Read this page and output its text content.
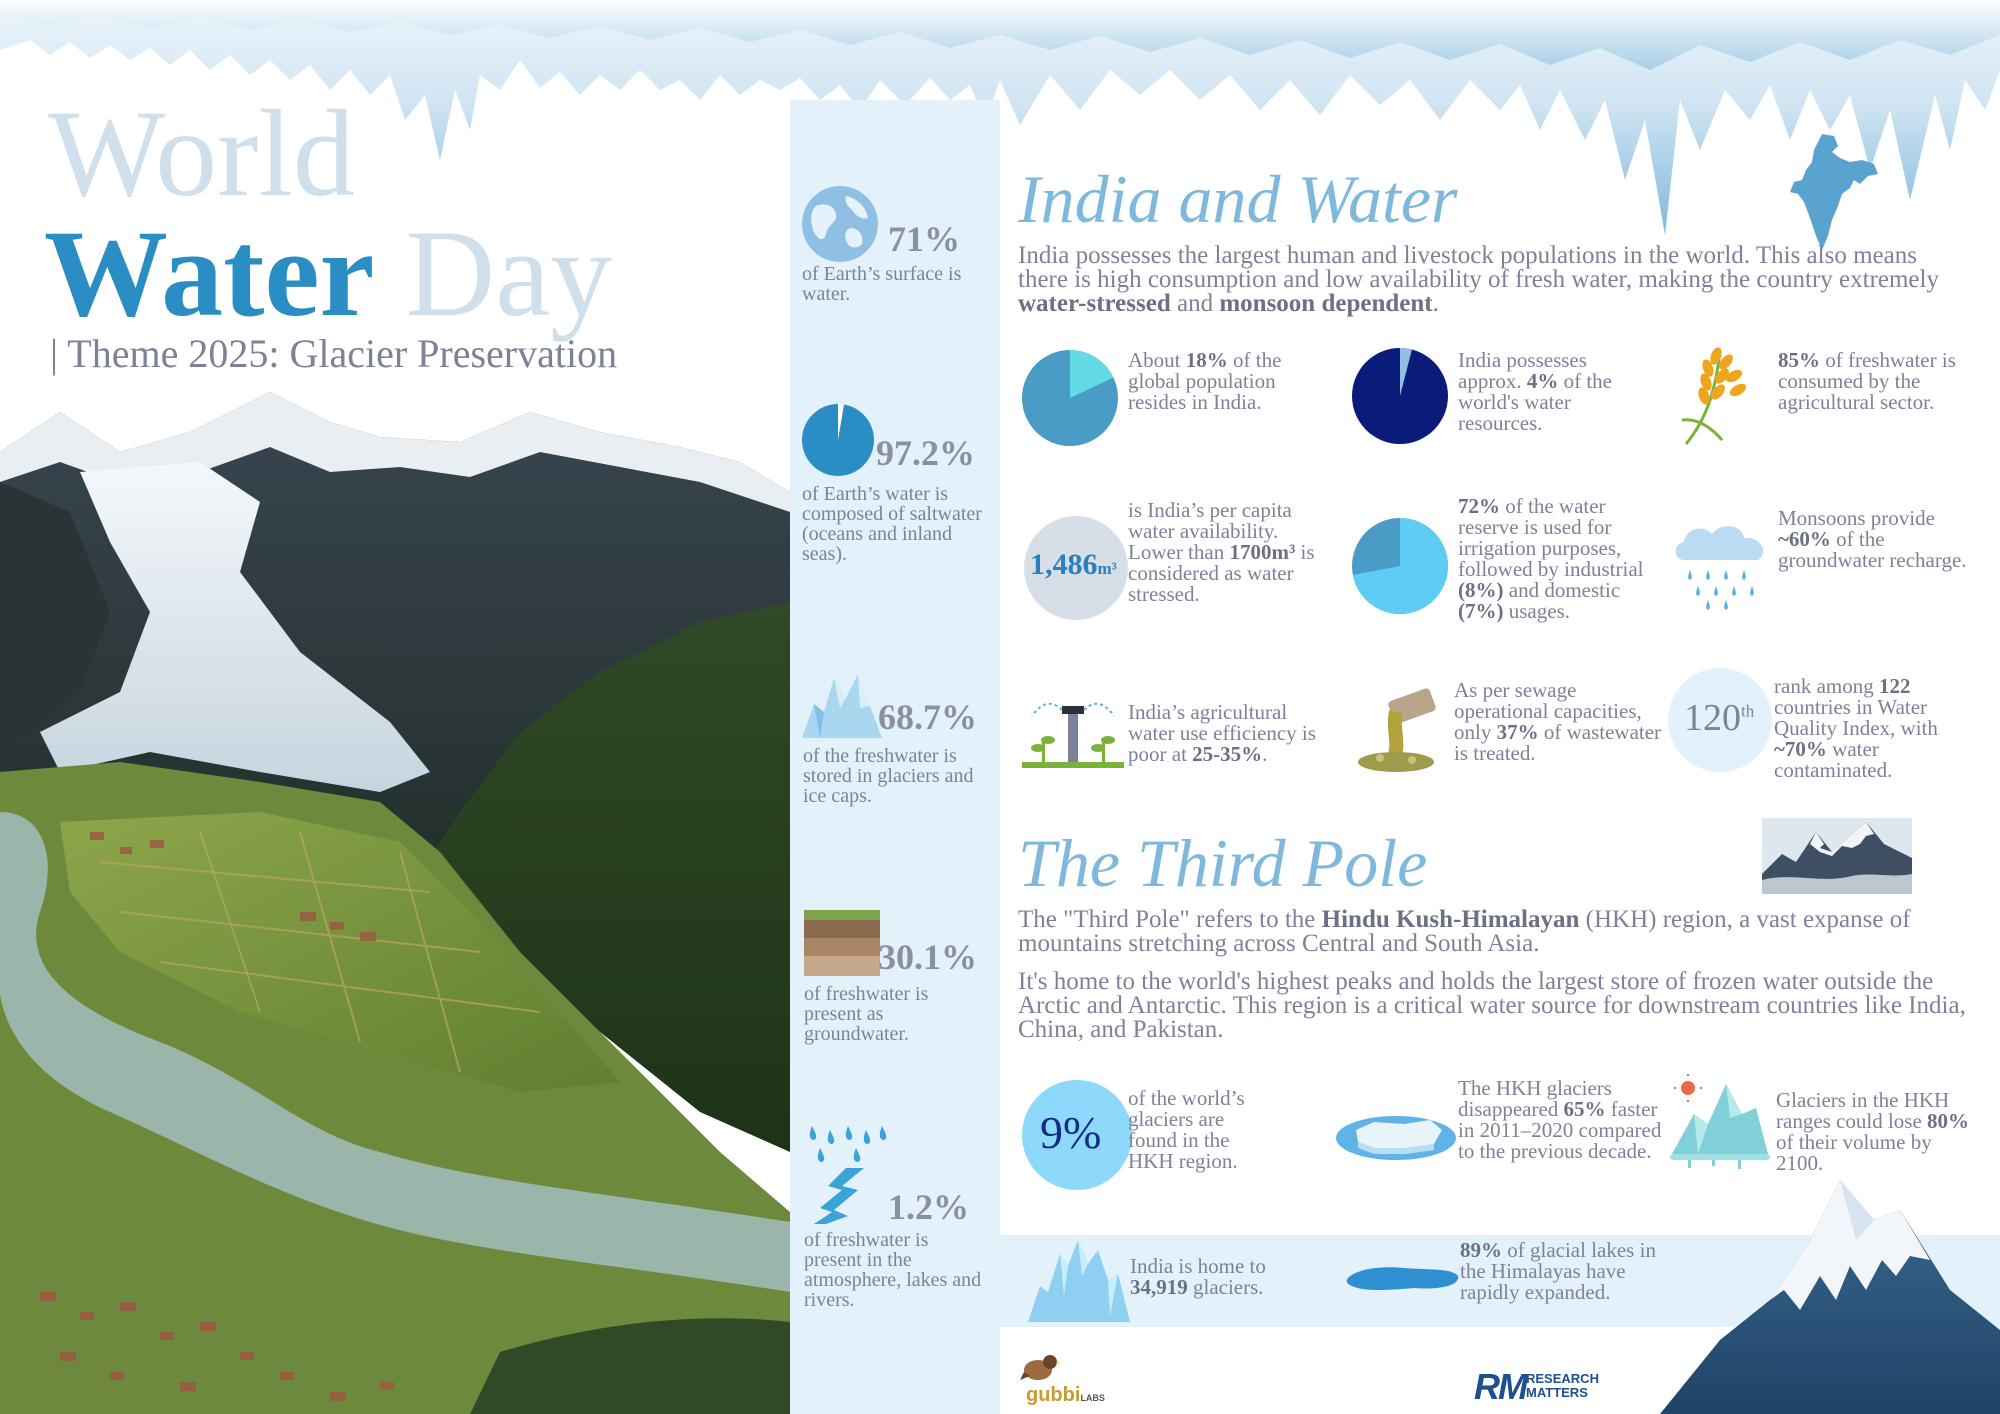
World
Water Day
| Theme 2025: Glacier Preservation
71%
of Earth’s surface is water.
97.2%
of Earth’s water is composed of saltwater (oceans and inland seas).
68.7%
of the freshwater is stored in glaciers and ice caps.
30.1%
of freshwater is present as groundwater.
1.2%
of freshwater is present in the atmosphere, lakes and rivers.
India and Water
India possesses the largest human and livestock populations in the world. This also means there is high consumption and low availability of fresh water, making the country extremely water-stressed and monsoon dependent.
About 18% of the global population resides in India.
India possesses approx. 4% of the world's water resources.
85% of freshwater is consumed by the agricultural sector.
1,486m³
is India’s per capita water availability. Lower than 1700m³ is considered as water stressed.
72% of the water reserve is used for irrigation purposes, followed by industrial (8%) and domestic (7%) usages.
Monsoons provide ~60% of the groundwater recharge.
India’s agricultural water use efficiency is poor at 25-35%.
As per sewage operational capacities, only 37% of wastewater is treated.
120th
rank among 122 countries in Water Quality Index, with ~70% water contaminated.
The Third Pole
The "Third Pole" refers to the Hindu Kush-Himalayan (HKH) region, a vast expanse of mountains stretching across Central and South Asia.
It's home to the world's highest peaks and holds the largest store of frozen water outside the Arctic and Antarctic. This region is a critical water source for downstream countries like India, China, and Pakistan.
9%
of the world’s glaciers are found in the HKH region.
The HKH glaciers disappeared 65% faster in 2011–2020 compared to the previous decade.
Glaciers in the HKH ranges could lose 80% of their volume by 2100.
India is home to 34,919 glaciers.
89% of glacial lakes in the Himalayas have rapidly expanded.
gubbiLABS	RM RESEARCH
MATTERS
